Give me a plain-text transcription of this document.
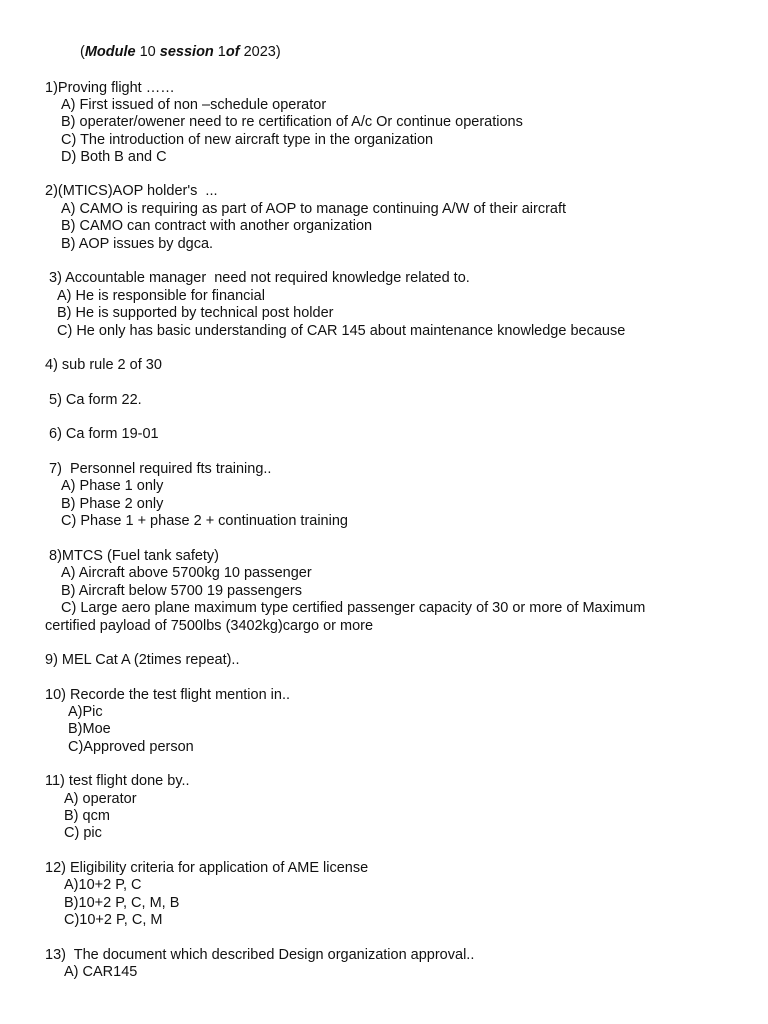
(Module 10 session 1of 2023)
1)Proving flight ……
A) First issued of non –schedule operator
B) operater/owener need to re certification of A/c Or continue operations
C) The introduction of new aircraft type in the organization
D) Both B and C
2)(MTICS)AOP holder's  ...
A) CAMO is requiring as part of AOP to manage continuing A/W of their aircraft
B) CAMO can contract with another organization
B) AOP issues by dgca.
3) Accountable manager  need not required knowledge related to.
A) He is responsible for financial
B) He is supported by technical post holder
C) He only has basic understanding of CAR 145 about maintenance knowledge because
4) sub rule 2 of 30
5) Ca form 22.
6) Ca form 19-01
7)  Personnel required fts training..
A) Phase 1 only
B) Phase 2 only
C) Phase 1 + phase 2 + continuation training
8)MTCS (Fuel tank safety)
A) Aircraft above 5700kg 10 passenger
B) Aircraft below 5700 19 passengers
C) Large aero plane maximum type certified passenger capacity of 30 or more of Maximum
certified payload of 7500lbs (3402kg)cargo or more
9) MEL Cat A (2times repeat)..
10) Recorde the test flight mention in..
A)Pic
B)Moe
C)Approved person
11) test flight done by..
A) operator
B) qcm
C) pic
12) Eligibility criteria for application of AME license
A)10+2 P, C
B)10+2 P, C, M, B
C)10+2 P, C, M
13)  The document which described Design organization approval..
A) CAR145
